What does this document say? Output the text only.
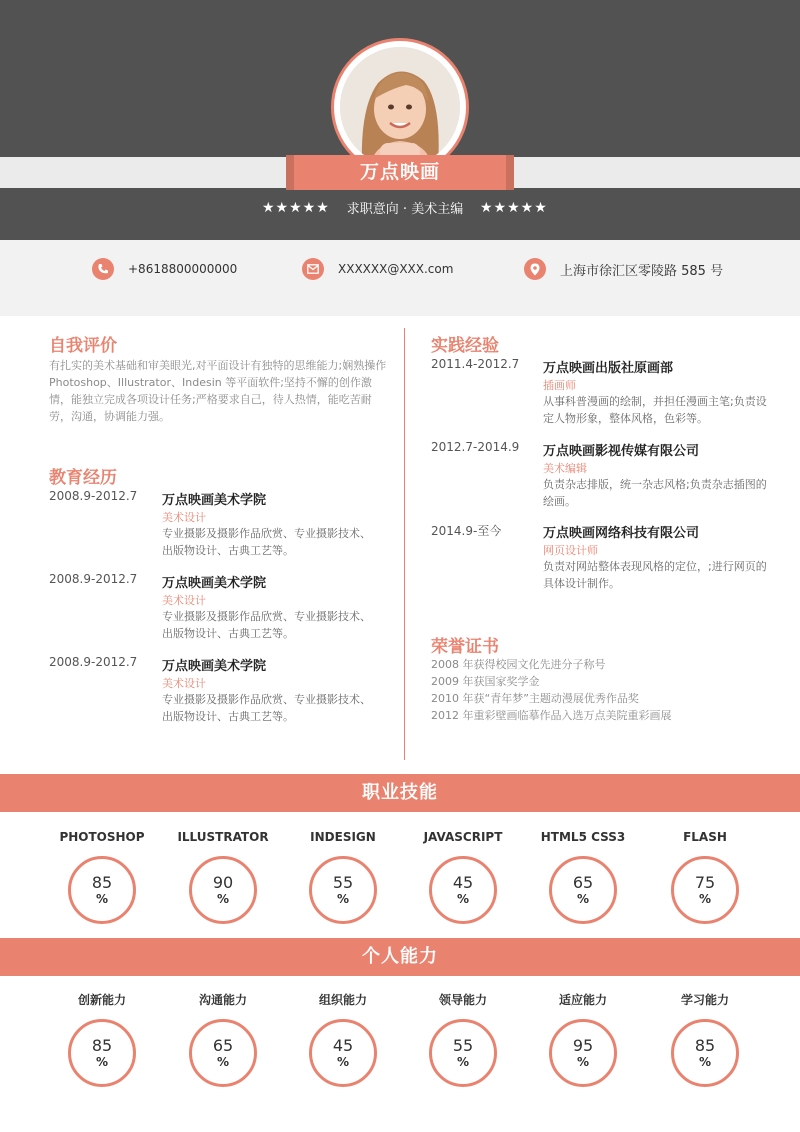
万点映画
★★★★★ 求职意向 · 美术主编 ★★★★★
+8618800000000	XXXXXX@XXX.com	上海市徐汇区零陵路 585 号
自我评价
有扎实的美术基础和审美眼光,对平面设计有独特的思维能力;娴熟操作 Photoshop、Illustrator、Indesin 等平面软件;坚持不懈的创作激情，能独立完成各项设计任务;严格要求自己，待人热情，能吃苦耐劳，沟通，协调能力强。
教育经历
2008.9-2012.7 万点映画美术学院
美术设计
专业摄影及摄影作品欣赏、专业摄影技术、出版物设计、古典工艺等。
2008.9-2012.7 万点映画美术学院
美术设计
专业摄影及摄影作品欣赏、专业摄影技术、出版物设计、古典工艺等。
2008.9-2012.7 万点映画美术学院
美术设计
专业摄影及摄影作品欣赏、专业摄影技术、出版物设计、古典工艺等。
实践经验
2011.4-2012.7 万点映画出版社原画部
插画师
从事科普漫画的绘制，并担任漫画主笔;负责设定人物形象，整体风格，色彩等。
2012.7-2014.9 万点映画影视传媒有限公司
美术编辑
负责杂志排版，统一杂志风格;负责杂志插图的绘画。
2014.9-至今	万点映画网络科技有限公司
网页设计师
负责对网站整体表现风格的定位，;进行网页的具体设计制作。
荣誉证书
2008 年获得校园文化先进分子称号
2009 年获国家奖学金
2010 年获“青年梦”主题动漫展优秀作品奖
2012 年重彩壁画临摹作品入选万点美院重彩画展
职业技能
PHOTOSHOP
85
%
ILLUSTRATOR
90
%
INDESIGN
55
%
JAVASCRIPT
45
%
HTML5 CSS3
65
%
FLASH
75
%
个人能力
创新能力
85
%
沟通能力
65
%
组织能力
45
%
领导能力
55
%
适应能力
95
%
学习能力
85
%
